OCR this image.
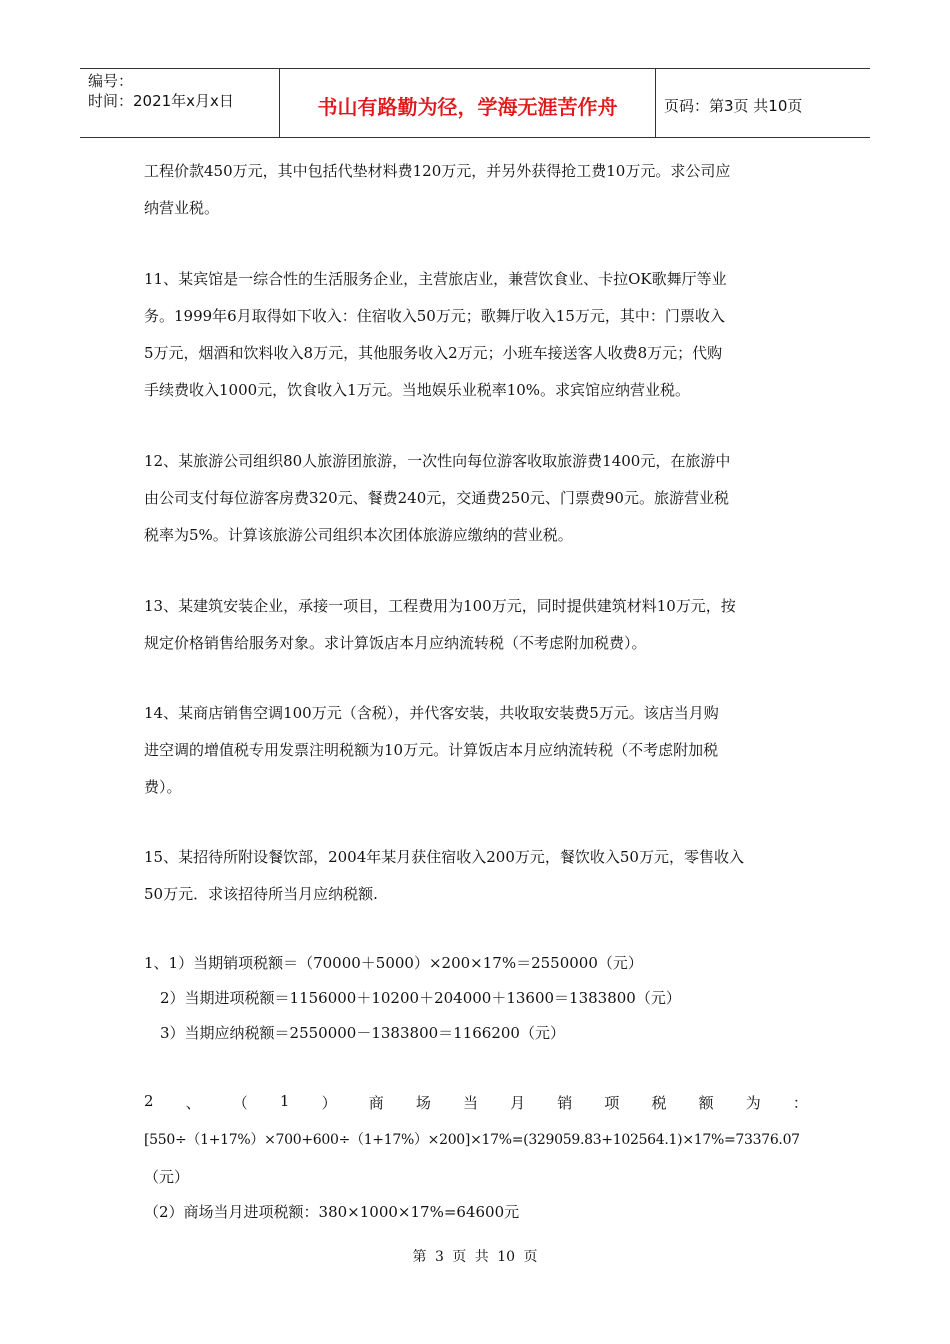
编号：
时间：2021年x月x日	书山有路勤为径，学海无涯苦作舟	页码：第3页 共10页
工程价款450万元，其中包括代垫材料费120万元，并另外获得抢工费10万元。求公司应
纳营业税。
11、某宾馆是一综合性的生活服务企业，主营旅店业，兼营饮食业、卡拉OK歌舞厅等业
务。1999年6月取得如下收入：住宿收入50万元；歌舞厅收入15万元，其中：门票收入
5万元，烟酒和饮料收入8万元，其他服务收入2万元；小班车接送客人收费8万元；代购
手续费收入1000元，饮食收入1万元。当地娱乐业税率10%。求宾馆应纳营业税。
12、某旅游公司组织80人旅游团旅游，一次性向每位游客收取旅游费1400元，在旅游中
由公司支付每位游客房费320元、餐费240元，交通费250元、门票费90元。旅游营业税
税率为5%。计算该旅游公司组织本次团体旅游应缴纳的营业税。
13、某建筑安装企业，承接一项目，工程费用为100万元，同时提供建筑材料10万元，按
规定价格销售给服务对象。求计算饭店本月应纳流转税（不考虑附加税费）。
14、某商店销售空调100万元（含税），并代客安装，共收取安装费5万元。该店当月购
进空调的增值税专用发票注明税额为10万元。计算饭店本月应纳流转税（不考虑附加税
费）。
15、某招待所附设餐饮部，2004年某月获住宿收入200万元，餐饮收入50万元，零售收入
50万元．求该招待所当月应纳税额.
1、1）当期销项税额＝（70000＋5000）×200×17%＝2550000（元）
2）当期进项税额＝1156000＋10200＋204000＋13600＝1383800（元）
3）当期应纳税额＝2550000－1383800＝1166200（元）
2 、 （ 1 ） 商 场 当 月 销 项 税 额 为 ：
[550÷（1+17%）×700+600÷（1+17%）×200]×17%=(329059.83+102564.1)×17%=73376.07
（元）
（2）商场当月进项税额：380×1000×17%=64600元
第 3 页 共 10 页
